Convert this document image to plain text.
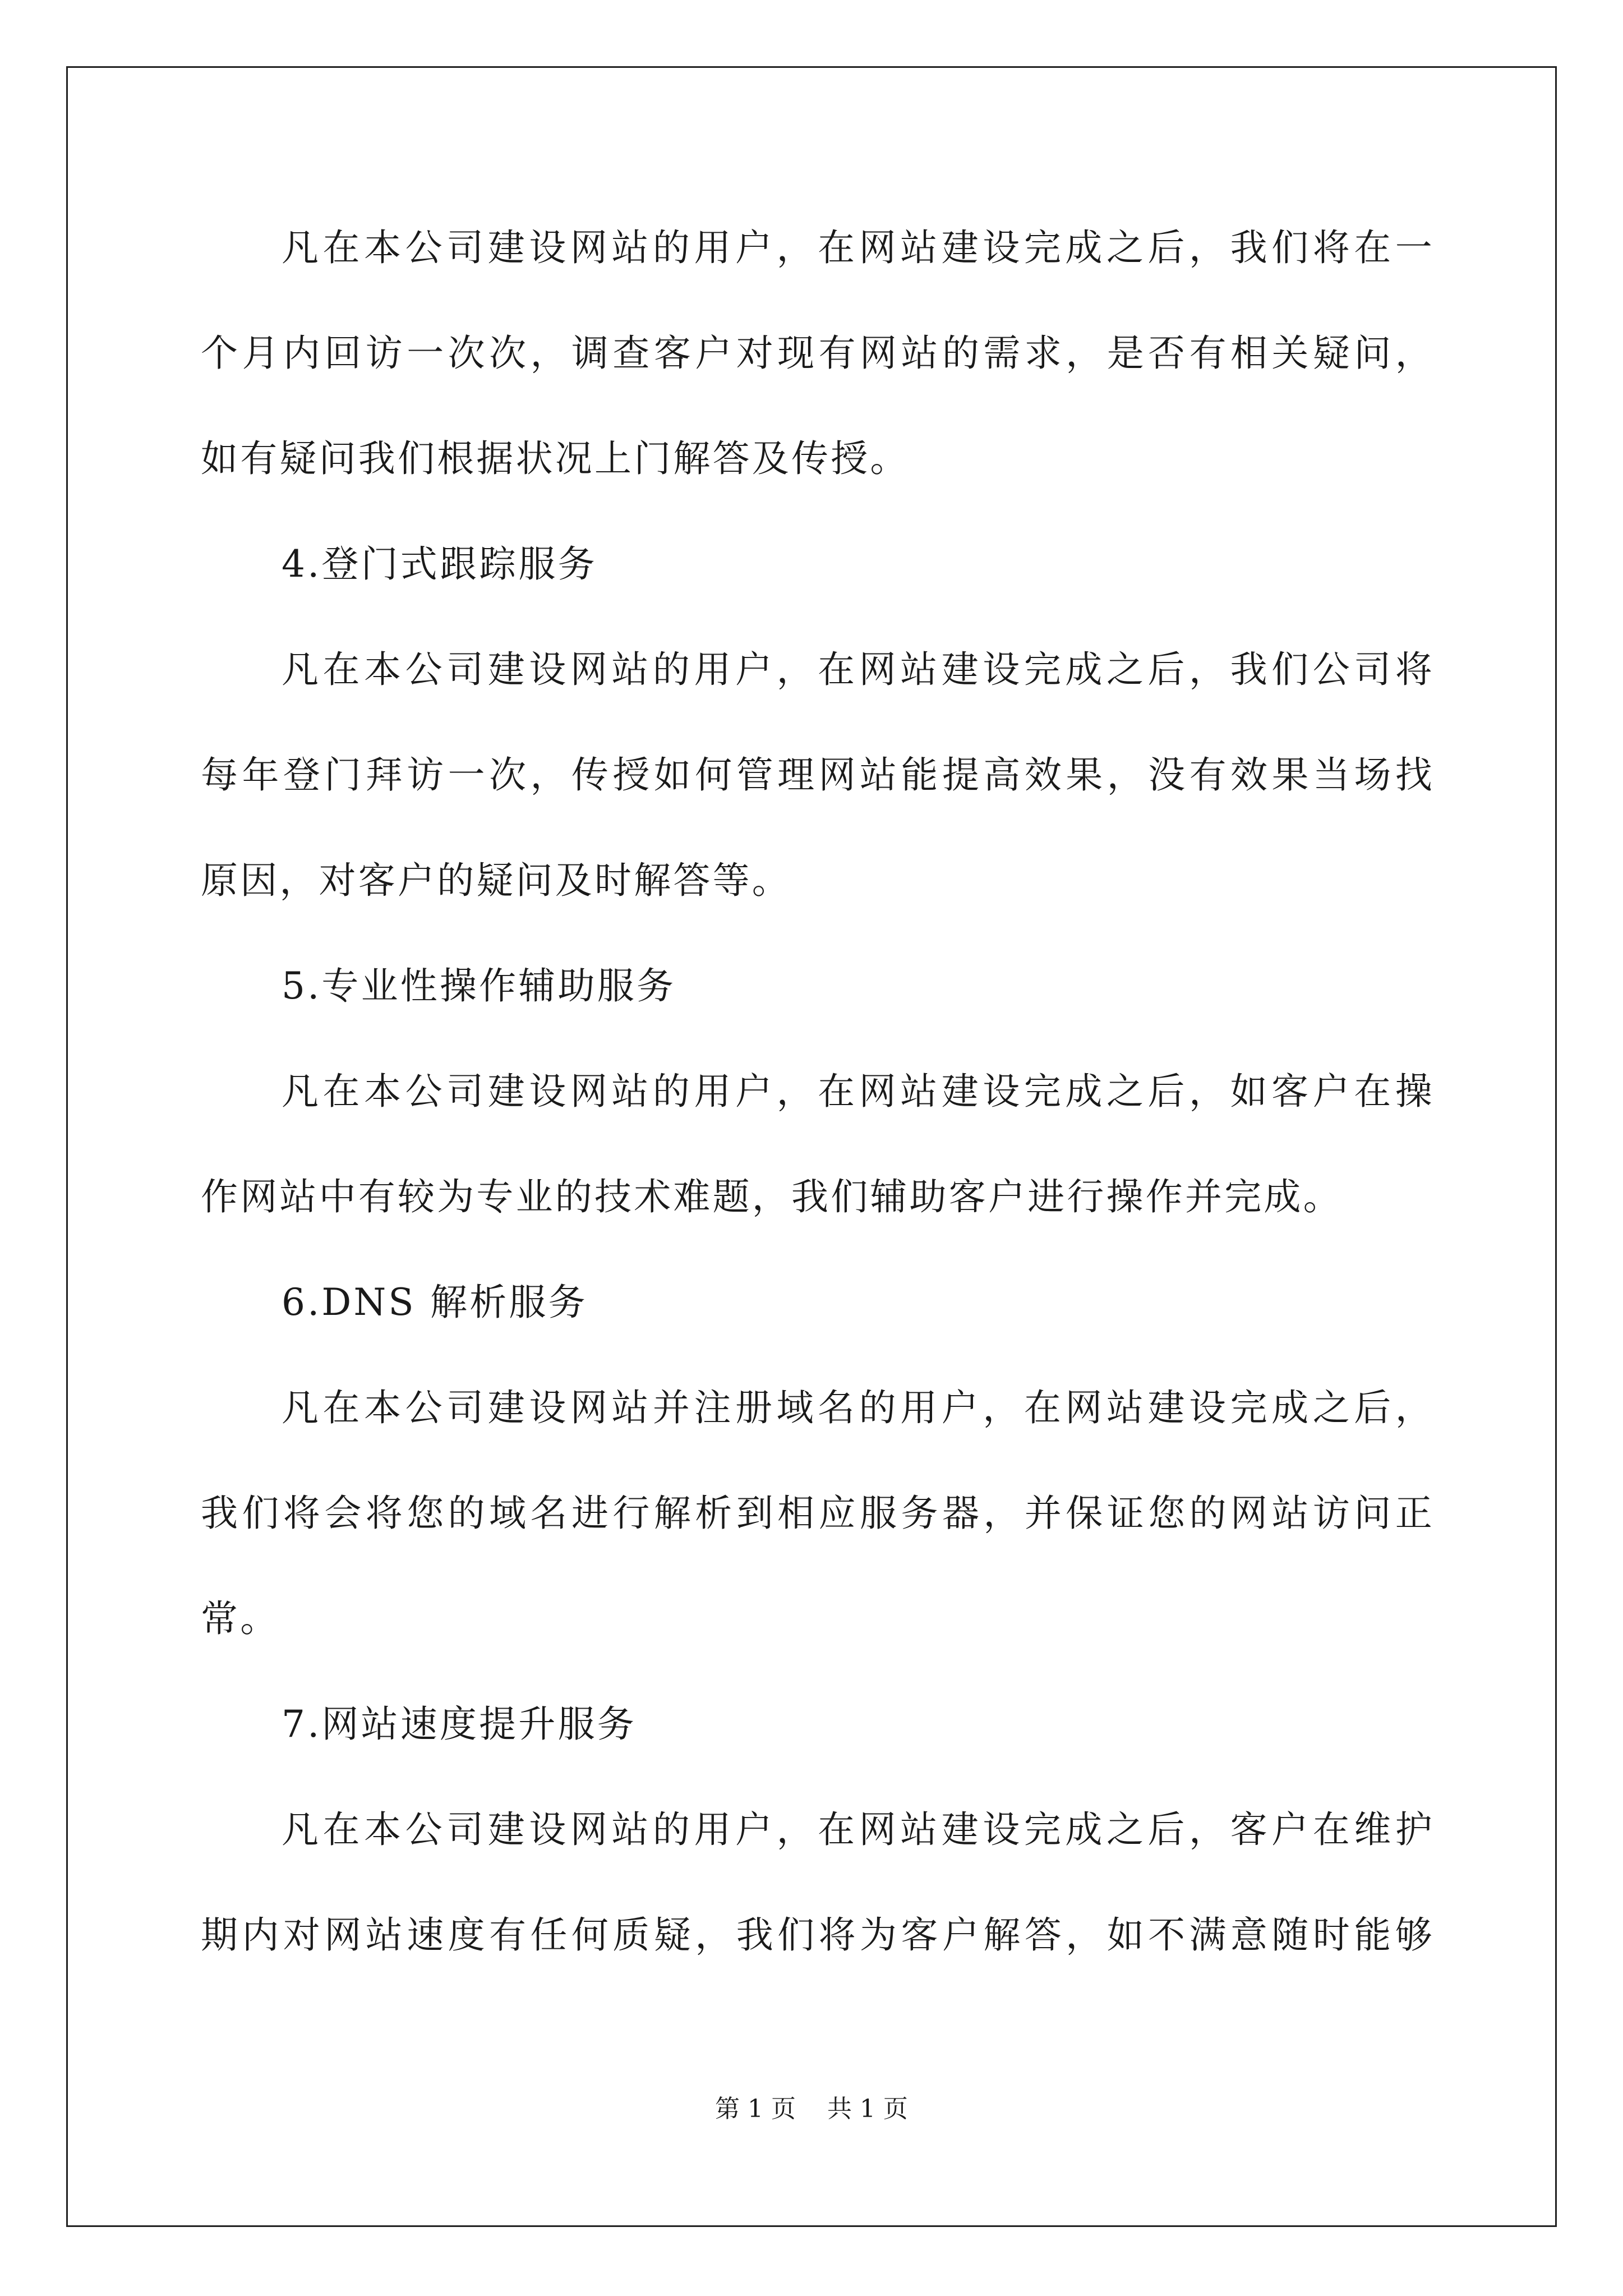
凡在本公司建设网站的用户，在网站建设完成之后，我们将在一
个月内回访一次次，调查客户对现有网站的需求，是否有相关疑问，
如有疑问我们根据状况上门解答及传授。
4.登门式跟踪服务
凡在本公司建设网站的用户，在网站建设完成之后，我们公司将
每年登门拜访一次，传授如何管理网站能提高效果，没有效果当场找
原因，对客户的疑问及时解答等。
5.专业性操作辅助服务
凡在本公司建设网站的用户，在网站建设完成之后，如客户在操
作网站中有较为专业的技术难题，我们辅助客户进行操作并完成。
6.DNS 解析服务
凡在本公司建设网站并注册域名的用户，在网站建设完成之后，
我们将会将您的域名进行解析到相应服务器，并保证您的网站访问正
常。
7.网站速度提升服务
凡在本公司建设网站的用户，在网站建设完成之后，客户在维护
期内对网站速度有任何质疑，我们将为客户解答，如不满意随时能够
第 1 页 共 1 页
